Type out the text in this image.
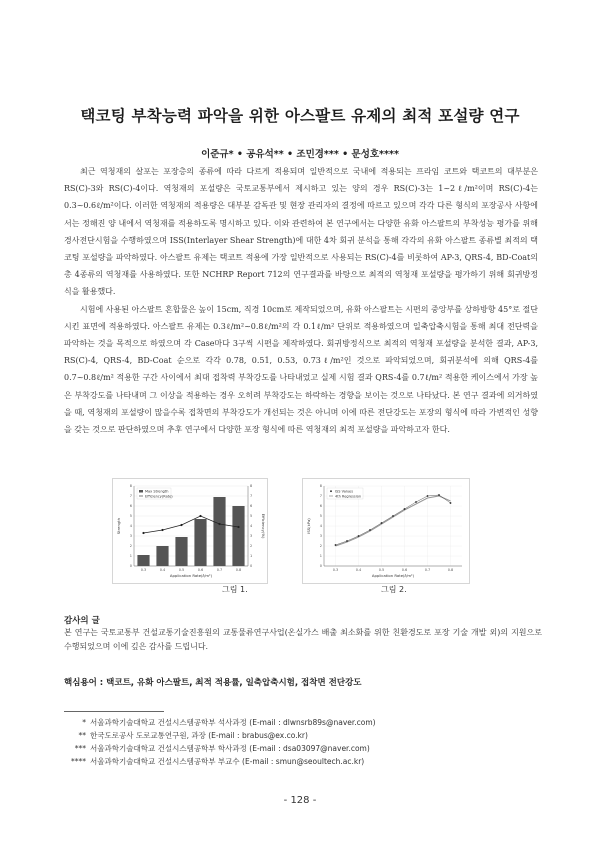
택코팅 부착능력 파악을 위한 아스팔트 유제의 최적 포설량 연구
이준규* • 공유석** • 조민경*** • 문성호****

최근 역청재의 살포는 포장층의 종류에 따라 다르게 적용되며 일반적으로 국내에 적용되는 프라임 코트와 택코트의 대부분은 RS(C)-3와 RS(C)-4이다. 역청재의 포설량은 국토교통부에서 제시하고 있는 양의 경우 RS(C)-3는 1~2ℓ/m²이며 RS(C)-4는 0.3~0.6ℓ/m²이다. 이러한 역청재의 적용량은 대부분 감독관 및 현장 관리자의 결정에 따르고 있으며 각각 다른 형식의 포장공사 사항에서는 정해진 양 내에서 역청재를 적용하도록 명시하고 있다. 이와 관련하여 본 연구에서는 다양한 유화 아스팔트의 부착성능 평가를 위해 경사전단시험을 수행하였으며 ISS(Interlayer Shear Strength)에 대한 4차 회귀 분석을 통해 각각의 유화 아스팔트 종류별 최적의 택코팅 포설량을 파악하였다. 아스팔트 유제는 택코트 적용에 가장 일반적으로 사용되는 RS(C)-4를 비롯하여 AP-3, QRS-4, BD-Coat의 총 4종류의 역청재를 사용하였다. 또한 NCHRP Report 712의 연구결과를 바탕으로 최적의 역청재 포설량을 평가하기 위해 회귀방정식을 활용했다.

시험에 사용된 아스팔트 혼합물은 높이 15cm, 직경 10cm로 제작되었으며, 유화 아스팔트는 시편의 중앙부를 상하방향 45°로 절단시킨 표면에 적용하였다. 아스팔트 유제는 0.3ℓ/m²~0.8ℓ/m²의 각 0.1ℓ/m² 단위로 적용하였으며 일축압축시험을 통해 최대 전단력을 파악하는 것을 목적으로 하였으며 각 Case마다 3구씩 시편을 제작하였다. 회귀방정식으로 최적의 역청재 포설량을 분석한 결과, AP-3, RS(C)-4, QRS-4, BD-Coat 순으로 각각 0.78, 0.51, 0.53, 0.73ℓ/m²인 것으로 파악되었으며, 회귀분석에 의해 QRS-4를 0.7~0.8ℓ/m² 적용한 구간 사이에서 최대 접착력 부착강도를 나타내었고 실제 시험 결과 QRS-4를 0.7ℓ/m² 적용한 케이스에서 가장 높은 부착강도를 나타내며 그 이상을 적용하는 경우 오히려 부착강도는 하락하는 경향을 보이는 것으로 나타났다. 본 연구 결과에 의거하였을 때, 역청재의 포설량이 많을수록 접착면의 부착강도가 개선되는 것은 아니며 이에 따른 전단강도는 포장의 형식에 따라 가변적인 성향을 갖는 것으로 판단하였으며 추후 연구에서 다양한 포장 형식에 따른 역청재의 최적 포설량을 파악하고자 한다.

0	0
1	1
2	2
3	3
4	4
5	5
6	6
7	7
8	8
0.3	0.4	0.5	0.6	0.7	0.8
Max Strength
Efficiency(Rate)
Application Rate(ℓ/m²)
Strength	Efficiency(%)
0
1
2
3
4
5
6
7
8
0.3	0.4	0.5	0.6	0.7	0.8
ISS Values
4th Regression
Application Rate(ℓ/m²)
ISS(kPa)
그림 1.	그림 2.
감사의 글
본 연구는 국토교통부 건설교통기술진흥원의 교통물류연구사업(온실가스 배출 최소화를 위한 친환경도로 포장 기술 개발 외)의 지원으로 수행되었으며 이에 깊은 감사를 드립니다.
핵심용어 : 택코트, 유화 아스팔트, 최적 적용률, 일축압축시험, 접착면 전단강도
* 서울과학기술대학교 건설시스템공학부 석사과정 (E-mail : dlwnsrb89s@naver.com)
** 한국도로공사 도로교통연구원, 과장 (E-mail : brabus@ex.co.kr)
*** 서울과학기술대학교 건설시스템공학부 학사과정 (E-mail : dsa03097@naver.com)
**** 서울과학기술대학교 건설시스템공학부 부교수 (E-mail : smun@seoultech.ac.kr)
- 128 -
